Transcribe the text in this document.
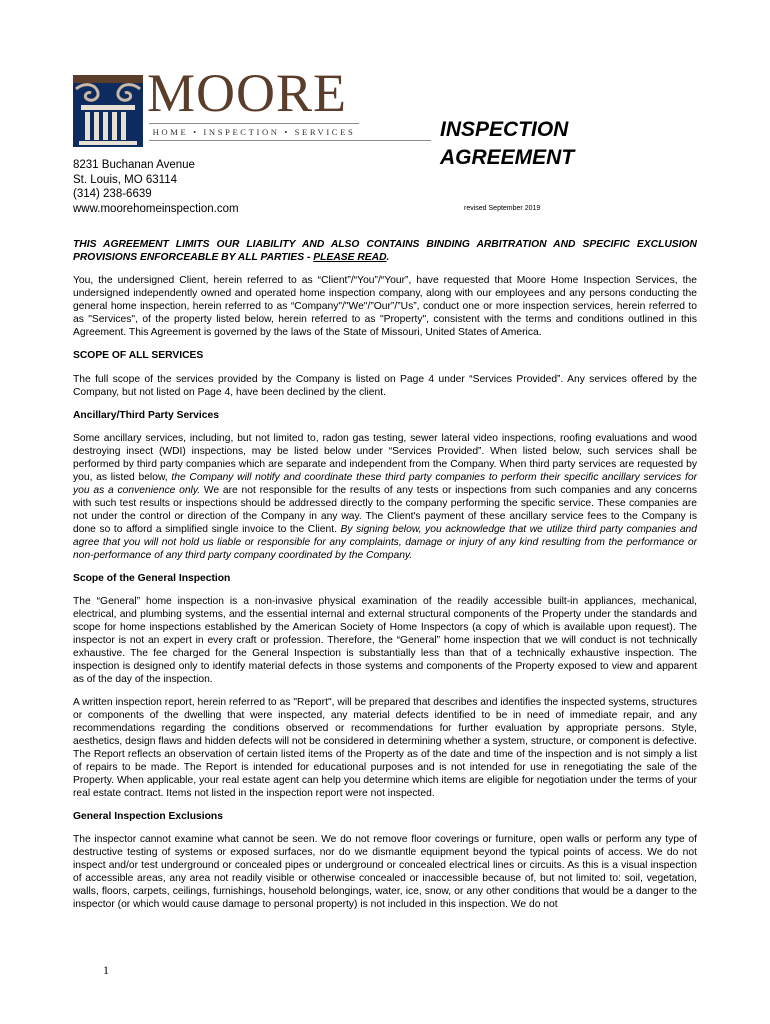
MOORE
HOME • INSPECTION • SERVICES	INSPECTION
AGREEMENT
8231 Buchanan Avenue
St. Louis, MO 63114
(314) 238-6639
www.moorehomeinspection.com	revised September 2019

THIS AGREEMENT LIMITS OUR LIABILITY AND ALSO CONTAINS BINDING ARBITRATION AND SPECIFIC EXCLUSION PROVISIONS ENFORCEABLE BY ALL PARTIES - PLEASE READ.

You, the undersigned Client, herein referred to as “Client”/“You”/“Your”, have requested that Moore Home Inspection Services, the undersigned independently owned and operated home inspection company, along with our employees and any persons conducting the general home inspection, herein referred to as “Company"/"We"/”Our”/”Us”, conduct one or more inspection services, herein referred to as "Services", of the property listed below, herein referred to as "Property", consistent with the terms and conditions outlined in this Agreement. This Agreement is governed by the laws of the State of Missouri, United States of America.

SCOPE OF ALL SERVICES

The full scope of the services provided by the Company is listed on Page 4 under “Services Provided”. Any services offered by the Company, but not listed on Page 4, have been declined by the client.

Ancillary/Third Party Services

Some ancillary services, including, but not limited to, radon gas testing, sewer lateral video inspections, roofing evaluations and wood destroying insect (WDI) inspections, may be listed below under “Services Provided”. When listed below, such services shall be performed by third party companies which are separate and independent from the Company. When third party services are requested by you, as listed below, the Company will notify and coordinate these third party companies to perform their specific ancillary services for you as a convenience only. We are not responsible for the results of any tests or inspections from such companies and any concerns with such test results or inspections should be addressed directly to the company performing the specific service. These companies are not under the control or direction of the Company in any way. The Client's payment of these ancillary service fees to the Company is done so to afford a simplified single invoice to the Client. By signing below, you acknowledge that we utilize third party companies and agree that you will not hold us liable or responsible for any complaints, damage or injury of any kind resulting from the performance or non-performance of any third party company coordinated by the Company.

Scope of the General Inspection

The “General” home inspection is a non-invasive physical examination of the readily accessible built-in appliances, mechanical, electrical, and plumbing systems, and the essential internal and external structural components of the Property under the standards and scope for home inspections established by the American Society of Home Inspectors (a copy of which is available upon request). The inspector is not an expert in every craft or profession. Therefore, the “General” home inspection that we will conduct is not technically exhaustive. The fee charged for the General Inspection is substantially less than that of a technically exhaustive inspection. The inspection is designed only to identify material defects in those systems and components of the Property exposed to view and apparent as of the day of the inspection.

A written inspection report, herein referred to as "Report", will be prepared that describes and identifies the inspected systems, structures or components of the dwelling that were inspected, any material defects identified to be in need of immediate repair, and any recommendations regarding the conditions observed or recommendations for further evaluation by appropriate persons. Style, aesthetics, design flaws and hidden defects will not be considered in determining whether a system, structure, or component is defective. The Report reflects an observation of certain listed items of the Property as of the date and time of the inspection and is not simply a list of repairs to be made. The Report is intended for educational purposes and is not intended for use in renegotiating the sale of the Property. When applicable, your real estate agent can help you determine which items are eligible for negotiation under the terms of your real estate contract. Items not listed in the inspection report were not inspected.

General Inspection Exclusions

The inspector cannot examine what cannot be seen. We do not remove floor coverings or furniture, open walls or perform any type of destructive testing of systems or exposed surfaces, nor do we dismantle equipment beyond the typical points of access. We do not inspect and/or test underground or concealed pipes or underground or concealed electrical lines or circuits. As this is a visual inspection of accessible areas, any area not readily visible or otherwise concealed or inaccessible because of, but not limited to: soil, vegetation, walls, floors, carpets, ceilings, furnishings, household belongings, water, ice, snow, or any other conditions that would be a danger to the inspector (or which would cause damage to personal property) is not included in this inspection. We do not

1
